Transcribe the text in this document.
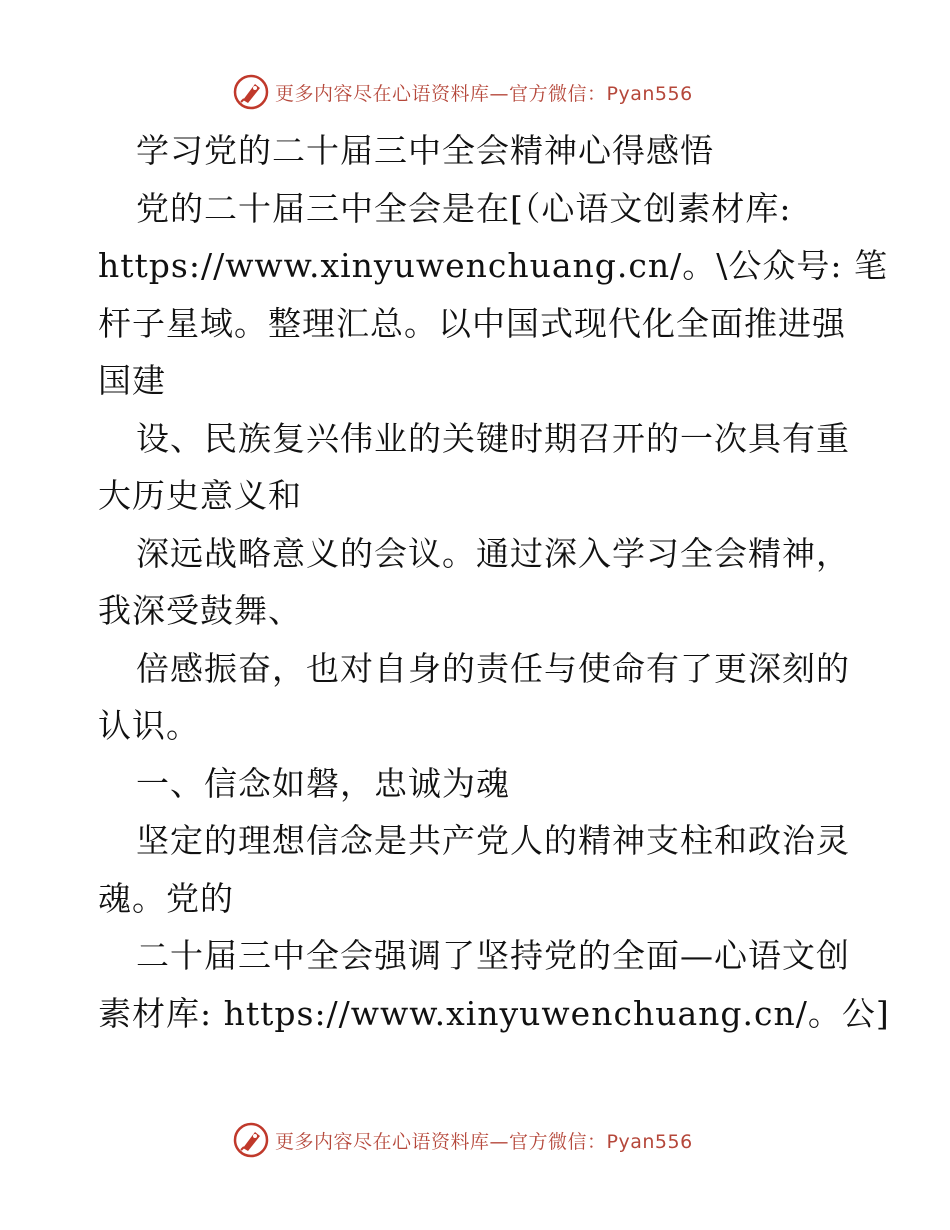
更多内容尽在心语资料库—官方微信：Pyan556
学习党的二十届三中全会精神心得感悟
党的二十届三中全会是在[（心语文创素材库:
https://www.xinyuwenchuang.cn/。\公众号: 笔
杆子星域。整理汇总。以中国式现代化全面推进强
国建
设、民族复兴伟业的关键时期召开的一次具有重
大历史意义和
深远战略意义的会议。通过深入学习全会精神，
我深受鼓舞、
倍感振奋，也对自身的责任与使命有了更深刻的
认识。
一、信念如磐，忠诚为魂
坚定的理想信念是共产党人的精神支柱和政治灵
魂。党的
二十届三中全会强调了坚持党的全面—心语文创
素材库: https://www.xinyuwenchuang.cn/。公]
更多内容尽在心语资料库—官方微信：Pyan556
